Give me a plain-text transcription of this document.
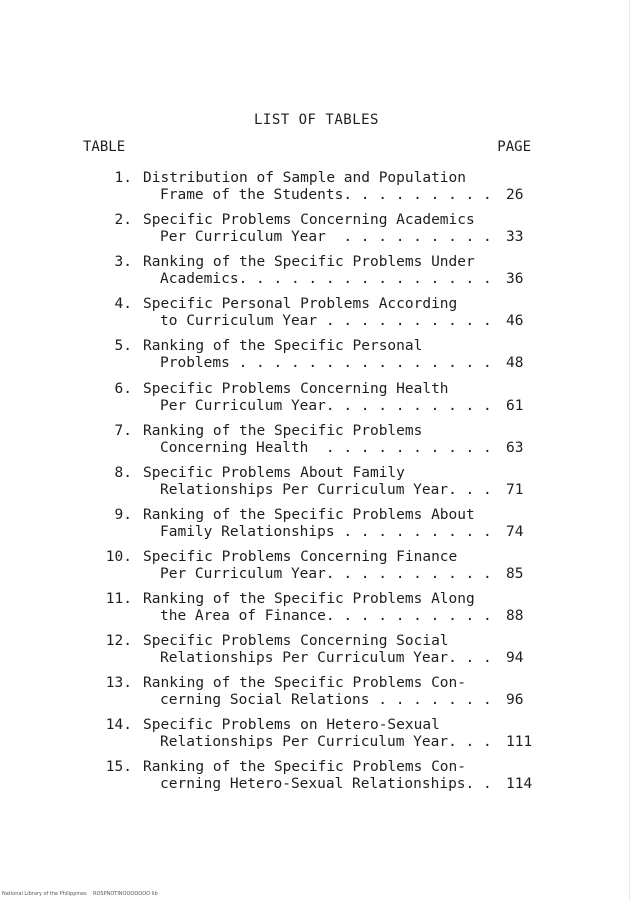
LIST OF TABLES
TABLE	PAGE
1. Distribution of Sample and Population
Frame of the Students. . . . . . . . . 26
2. Specific Problems Concerning Academics
Per Curriculum Year  . . . . . . . . . 33
3. Ranking of the Specific Problems Under
Academics. . . . . . . . . . . . . . . 36
4. Specific Personal Problems According
to Curriculum Year . . . . . . . . . . 46
5. Ranking of the Specific Personal
Problems . . . . . . . . . . . . . . . 48
6. Specific Problems Concerning Health
Per Curriculum Year. . . . . . . . . . 61
7. Ranking of the Specific Problems
Concerning Health  . . . . . . . . . . 63
8. Specific Problems About Family
Relationships Per Curriculum Year. . . 71
9. Ranking of the Specific Problems About
Family Relationships . . . . . . . . . 74
10. Specific Problems Concerning Finance
Per Curriculum Year. . . . . . . . . . 85
11. Ranking of the Specific Problems Along
the Area of Finance. . . . . . . . . . 88
12. Specific Problems Concerning Social
Relationships Per Curriculum Year. . . 94
13. Ranking of the Specific Problems Con-
cerning Social Relations . . . . . . . 96
14. Specific Problems on Hetero-Sexual
Relationships Per Curriculum Year. . . 111
15. Ranking of the Specific Problems Con-
cerning Hetero-Sexual Relationships. . 114
National Library of the Philippines    ROSPNOTINOOOOOOO lib
